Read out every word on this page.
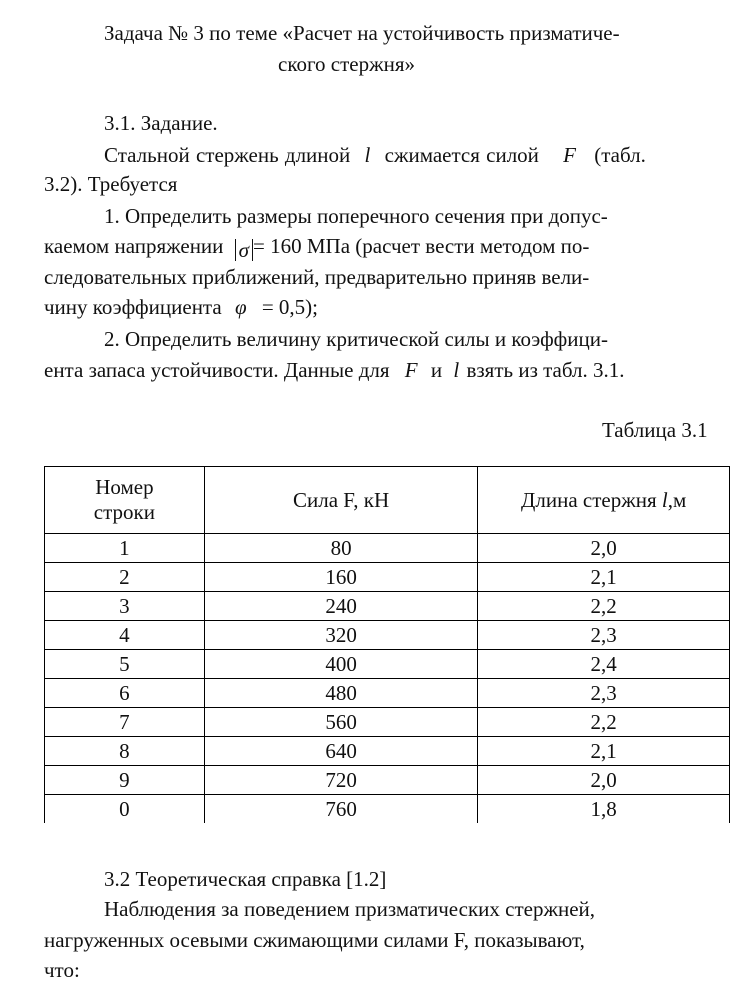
Задача № 3 по теме «Расчет на устойчивость призматиче-
ского стержня»
3.1. Задание.
Стальной стержень длиной l сжимается силой F (табл.
3.2). Требуется
1. Определить размеры поперечного сечения при допус-
каемом напряжении σ = 160 МПа (расчет вести методом по-
следовательных приближений, предварительно приняв вели-
чину коэффициента φ = 0,5);
2. Определить величину критической силы и коэффици-
ента запаса устойчивости. Данные для F и l взять из табл. 3.1.
Таблица 3.1
Номер
строки	Сила F, кН	Длина стержня l,м
1	80	2,0
2	160	2,1
3	240	2,2
4	320	2,3
5	400	2,4
6	480	2,3
7	560	2,2
8	640	2,1
9	720	2,0
0	760	1,8
3.2 Теоретическая справка [1.2]
Наблюдения за поведением призматических стержней,
нагруженных осевыми сжимающими силами F, показывают,
что:
